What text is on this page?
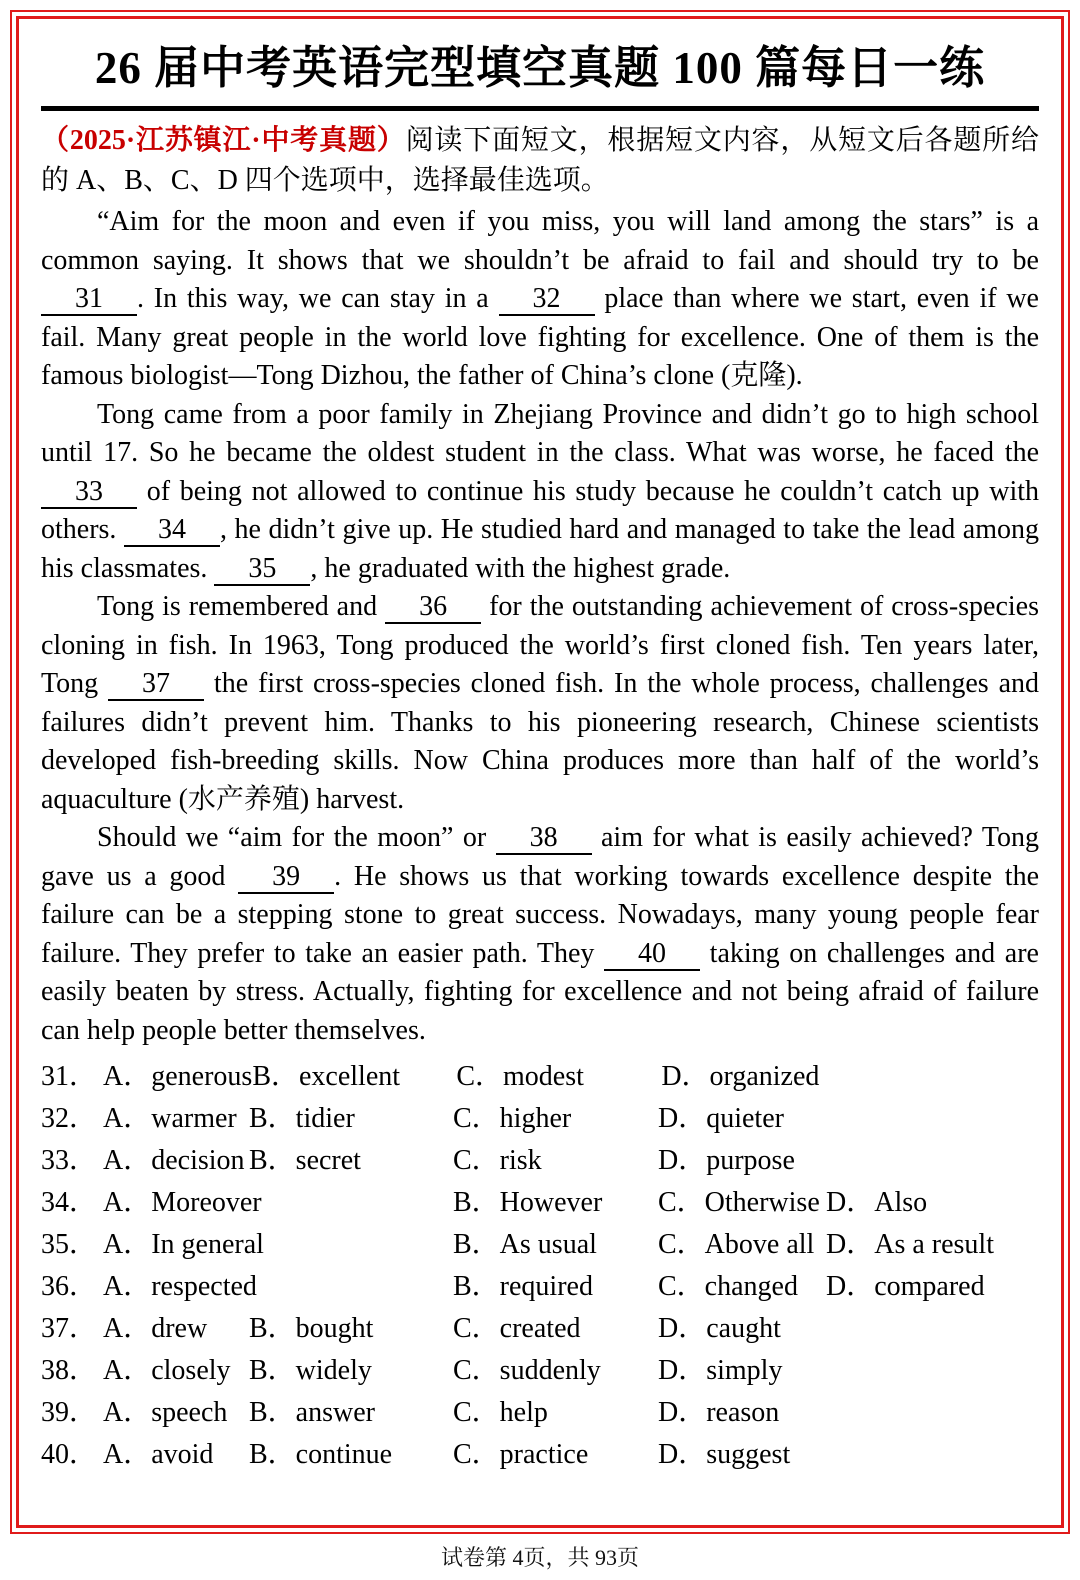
26 届中考英语完型填空真题 100 篇每日一练

（2025·江苏镇江·中考真题）阅读下面短文，根据短文内容，从短文后各题所给的 A、B、C、D 四个选项中，选择最佳选项。

“Aim for the moon and even if you miss, you will land among the stars” is a common saying. It shows that we shouldn’t be afraid to fail and should try to be 31 . In this way, we can stay in a 32 place than where we start, even if we fail. Many great people in the world love fighting for excellence. One of them is the famous biologist—Tong Dizhou, the father of China’s clone (克隆).

Tong came from a poor family in Zhejiang Province and didn’t go to high school until 17. So he became the oldest student in the class. What was worse, he faced the 33 of being not allowed to continue his study because he couldn’t catch up with others. 34 , he didn’t give up. He studied hard and managed to take the lead among his classmates. 35 , he graduated with the highest grade.

Tong is remembered and 36 for the outstanding achievement of cross-species cloning in fish. In 1963, Tong produced the world’s first cloned fish. Ten years later, Tong 37 the first cross-species cloned fish. In the whole process, challenges and failures didn’t prevent him. Thanks to his pioneering research, Chinese scientists developed fish-breeding skills. Now China produces more than half of the world’s aquaculture (水产养殖) harvest.

Should we “aim for the moon” or 38 aim for what is easily achieved? Tong gave us a good 39 . He shows us that working towards excellence despite the failure can be a stepping stone to great success. Nowadays, many young people fear failure. They prefer to take an easier path. They 40 taking on challenges and are easily beaten by stress. Actually, fighting for excellence and not being afraid of failure can help people better themselves.

31． A．generous B．excellent	C．modest	D．organized
32． A．warmer B．tidier	C．higher	D．quieter
33． A．decision B．secret	C．risk	D．purpose
34． A．Moreover	B．However	C．Otherwise D．Also
35． A．In general	B．As usual	C．Above all D．As a result
36． A．respected	B．required	C．changed	D．compared
37． A．drew	B．bought	C．created	D．caught
38． A．closely B．widely	C．suddenly	D．simply
39． A．speech B．answer	C．help	D．reason
40． A．avoid	B．continue	C．practice	D．suggest
试卷第 4页，共 93页
